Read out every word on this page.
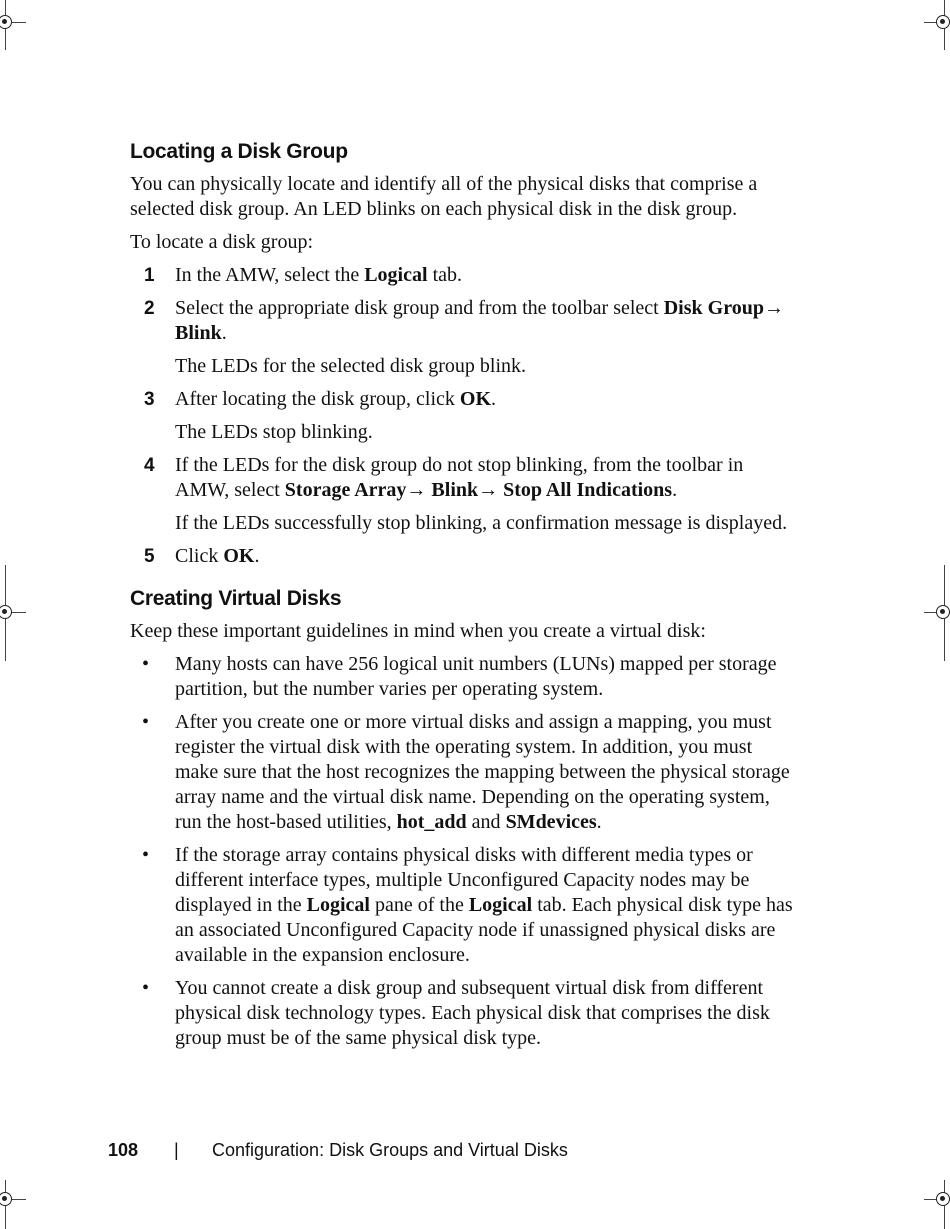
Locating a Disk Group

You can physically locate and identify all of the physical disks that comprise a selected disk group. An LED blinks on each physical disk in the disk group.

To locate a disk group:

1 In the AMW, select the Logical tab.

2 Select the appropriate disk group and from the toolbar select Disk Group→ Blink.

The LEDs for the selected disk group blink.

3 After locating the disk group, click OK.

The LEDs stop blinking.

4 If the LEDs for the disk group do not stop blinking, from the toolbar in AMW, select Storage Array→ Blink→ Stop All Indications.

If the LEDs successfully stop blinking, a confirmation message is displayed.

5 Click OK.

Creating Virtual Disks

Keep these important guidelines in mind when you create a virtual disk:

• Many hosts can have 256 logical unit numbers (LUNs) mapped per storage partition, but the number varies per operating system.
• After you create one or more virtual disks and assign a mapping, you must register the virtual disk with the operating system. In addition, you must make sure that the host recognizes the mapping between the physical storage array name and the virtual disk name. Depending on the operating system, run the host-based utilities, hot_add and SMdevices.
• If the storage array contains physical disks with different media types or different interface types, multiple Unconfigured Capacity nodes may be displayed in the Logical pane of the Logical tab. Each physical disk type has an associated Unconfigured Capacity node if unassigned physical disks are available in the expansion enclosure.
• You cannot create a disk group and subsequent virtual disk from different physical disk technology types. Each physical disk that comprises the disk group must be of the same physical disk type.
108 | Configuration: Disk Groups and Virtual Disks
